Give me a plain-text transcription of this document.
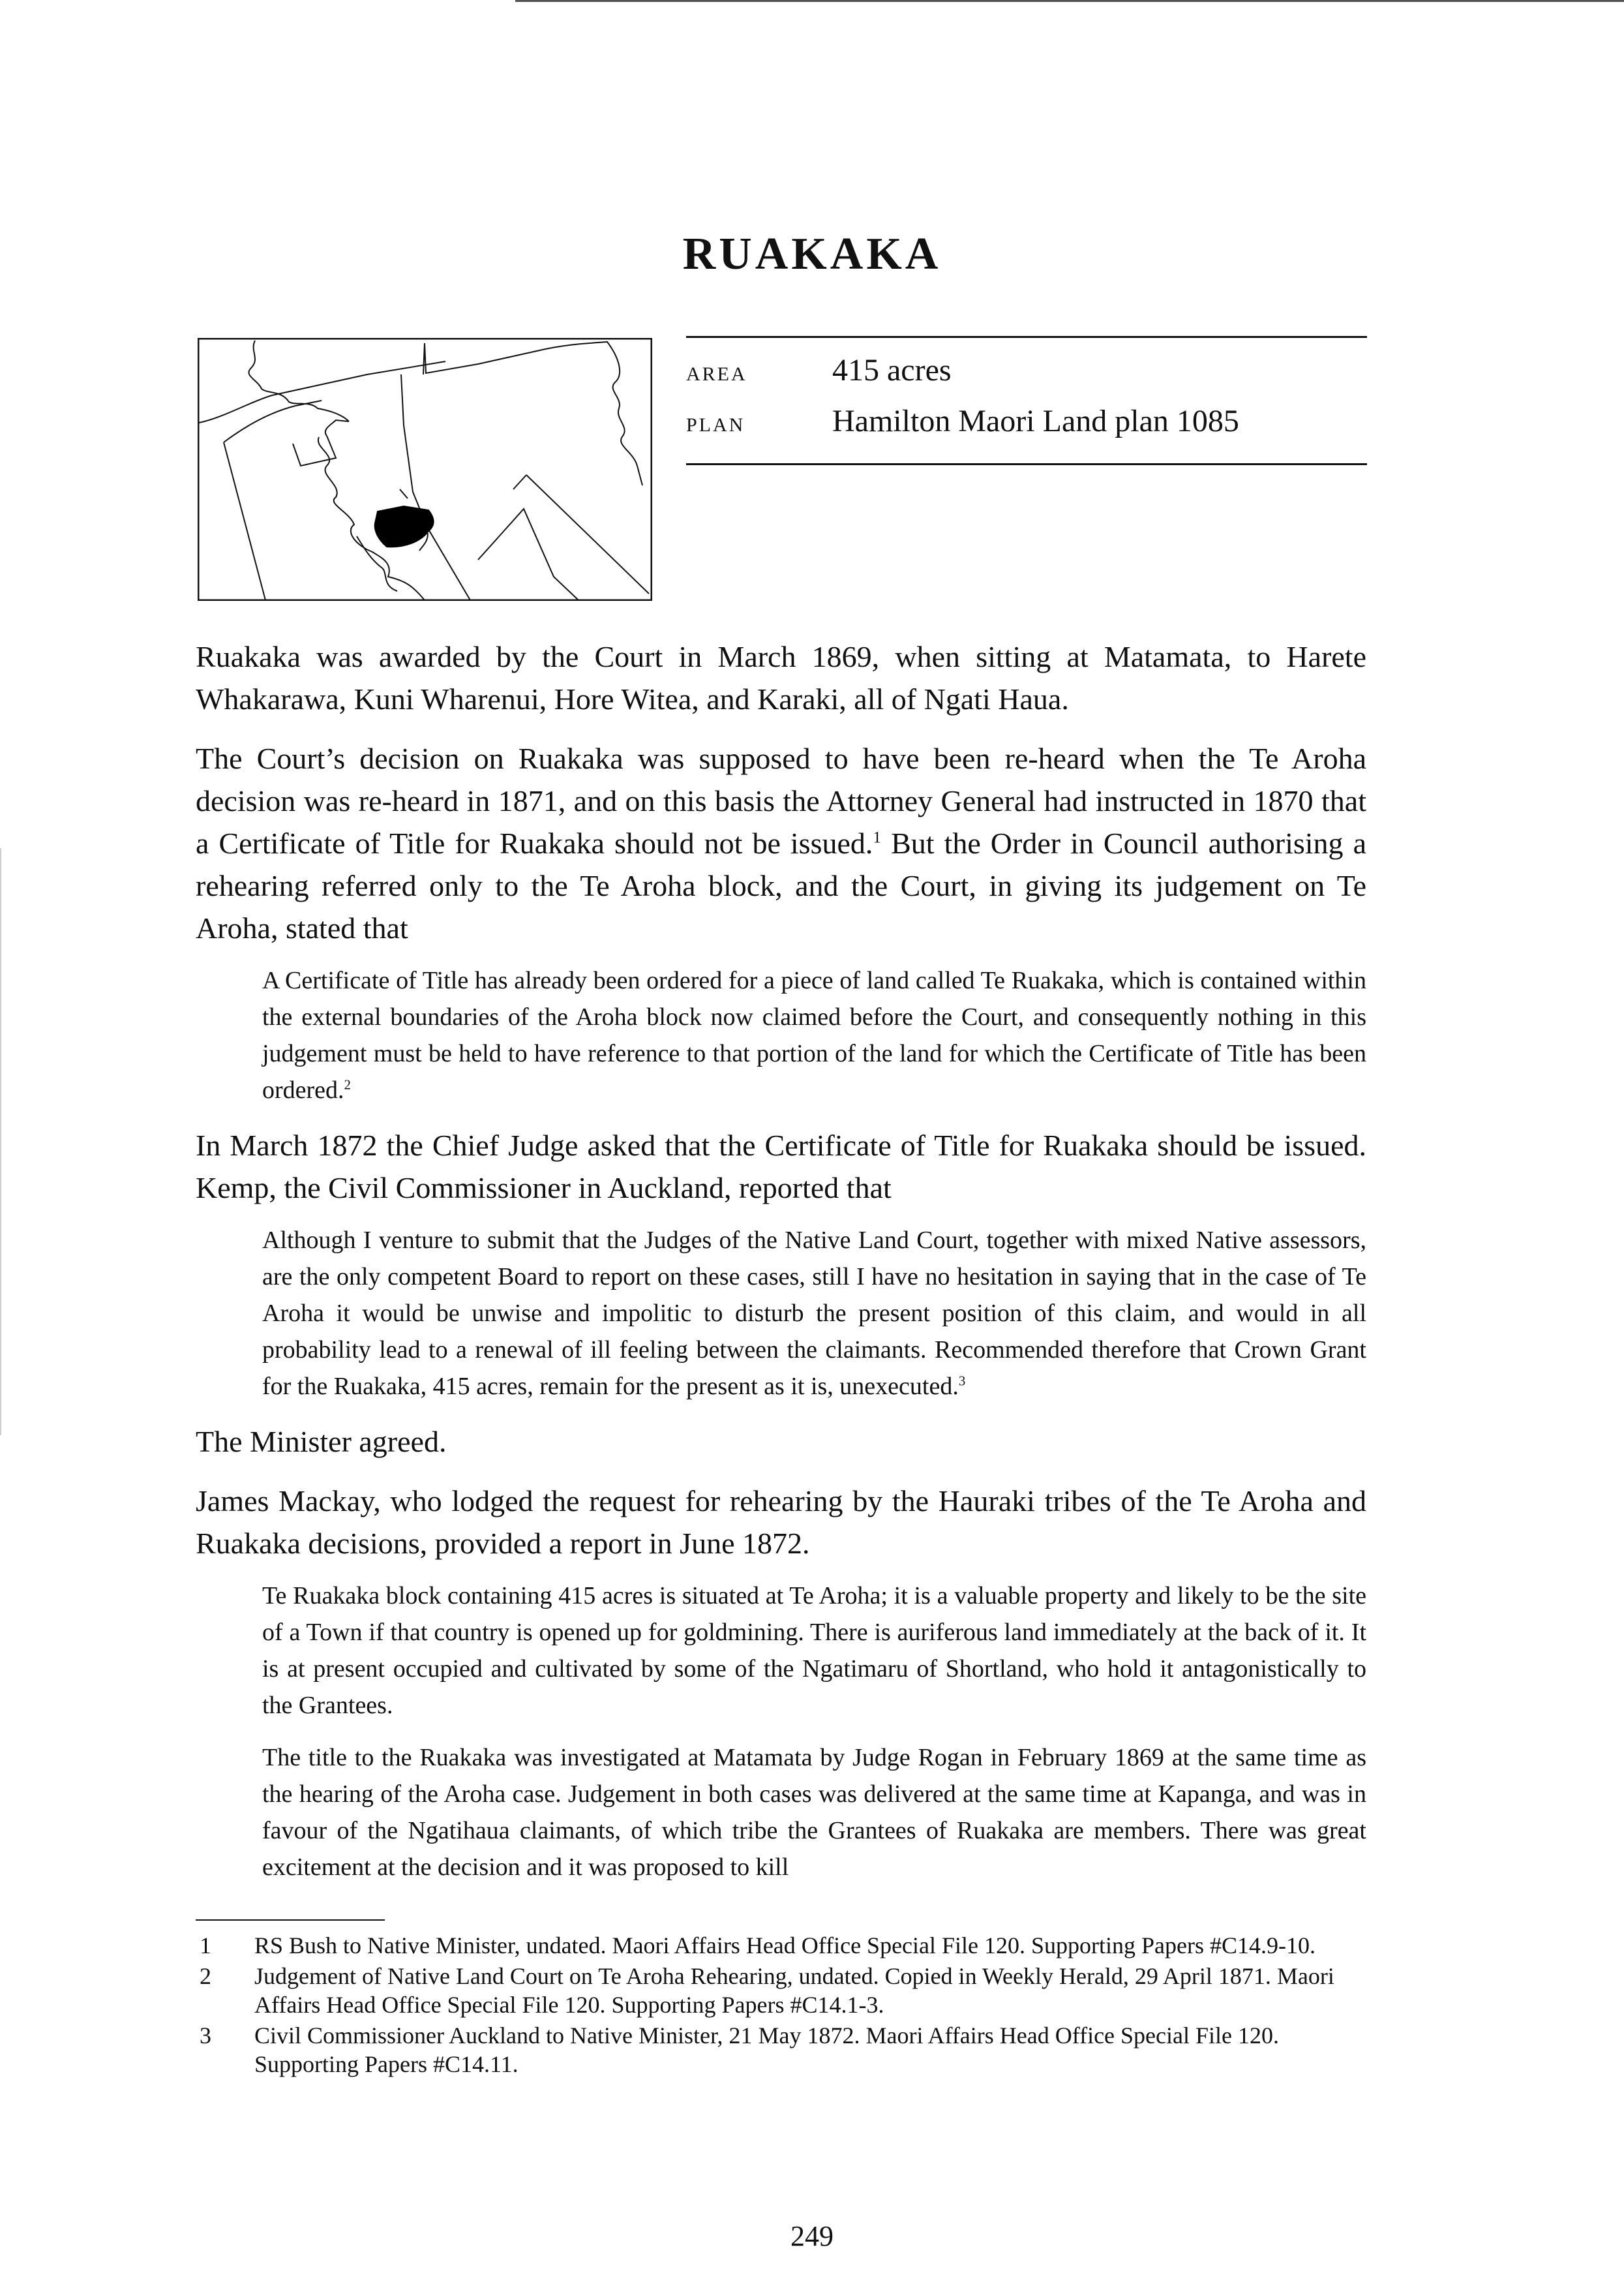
RUAKAKA
AREA	415 acres
PLAN	Hamilton Maori Land plan 1085

Ruakaka was awarded by the Court in March 1869, when sitting at Matamata, to Harete Whakarawa, Kuni Wharenui, Hore Witea, and Karaki, all of Ngati Haua.

The Court’s decision on Ruakaka was supposed to have been re-heard when the Te Aroha decision was re-heard in 1871, and on this basis the Attorney General had instructed in 1870 that a Certificate of Title for Ruakaka should not be issued.$^1$ But the Order in Council authorising a rehearing referred only to the Te Aroha block, and the Court, in giving its judgement on Te Aroha, stated that

A Certificate of Title has already been ordered for a piece of land called Te Ruakaka, which is contained within the external boundaries of the Aroha block now claimed before the Court, and consequently nothing in this judgement must be held to have reference to that portion of the land for which the Certificate of Title has been ordered.$^2$

In March 1872 the Chief Judge asked that the Certificate of Title for Ruakaka should be issued. Kemp, the Civil Commissioner in Auckland, reported that

Although I venture to submit that the Judges of the Native Land Court, together with mixed Native assessors, are the only competent Board to report on these cases, still I have no hesitation in saying that in the case of Te Aroha it would be unwise and impolitic to disturb the present position of this claim, and would in all probability lead to a renewal of ill feeling between the claimants. Recommended therefore that Crown Grant for the Ruakaka, 415 acres, remain for the present as it is, unexecuted.$^3$

The Minister agreed.

James Mackay, who lodged the request for rehearing by the Hauraki tribes of the Te Aroha and Ruakaka decisions, provided a report in June 1872.

Te Ruakaka block containing 415 acres is situated at Te Aroha; it is a valuable property and likely to be the site of a Town if that country is opened up for goldmining. There is auriferous land immediately at the back of it. It is at present occupied and cultivated by some of the Ngatimaru of Shortland, who hold it antagonistically to the Grantees.

The title to the Ruakaka was investigated at Matamata by Judge Rogan in February 1869 at the same time as the hearing of the Aroha case. Judgement in both cases was delivered at the same time at Kapanga, and was in favour of the Ngatihaua claimants, of which tribe the Grantees of Ruakaka are members. There was great excitement at the decision and it was proposed to kill

1	RS Bush to Native Minister, undated. Maori Affairs Head Office Special File 120. Supporting Papers #C14.9-10.
2	Judgement of Native Land Court on Te Aroha Rehearing, undated. Copied in Weekly Herald, 29 April 1871. Maori Affairs Head Office Special File 120. Supporting Papers #C14.1-3.
3	Civil Commissioner Auckland to Native Minister, 21 May 1872. Maori Affairs Head Office Special File 120. Supporting Papers #C14.11.
249
